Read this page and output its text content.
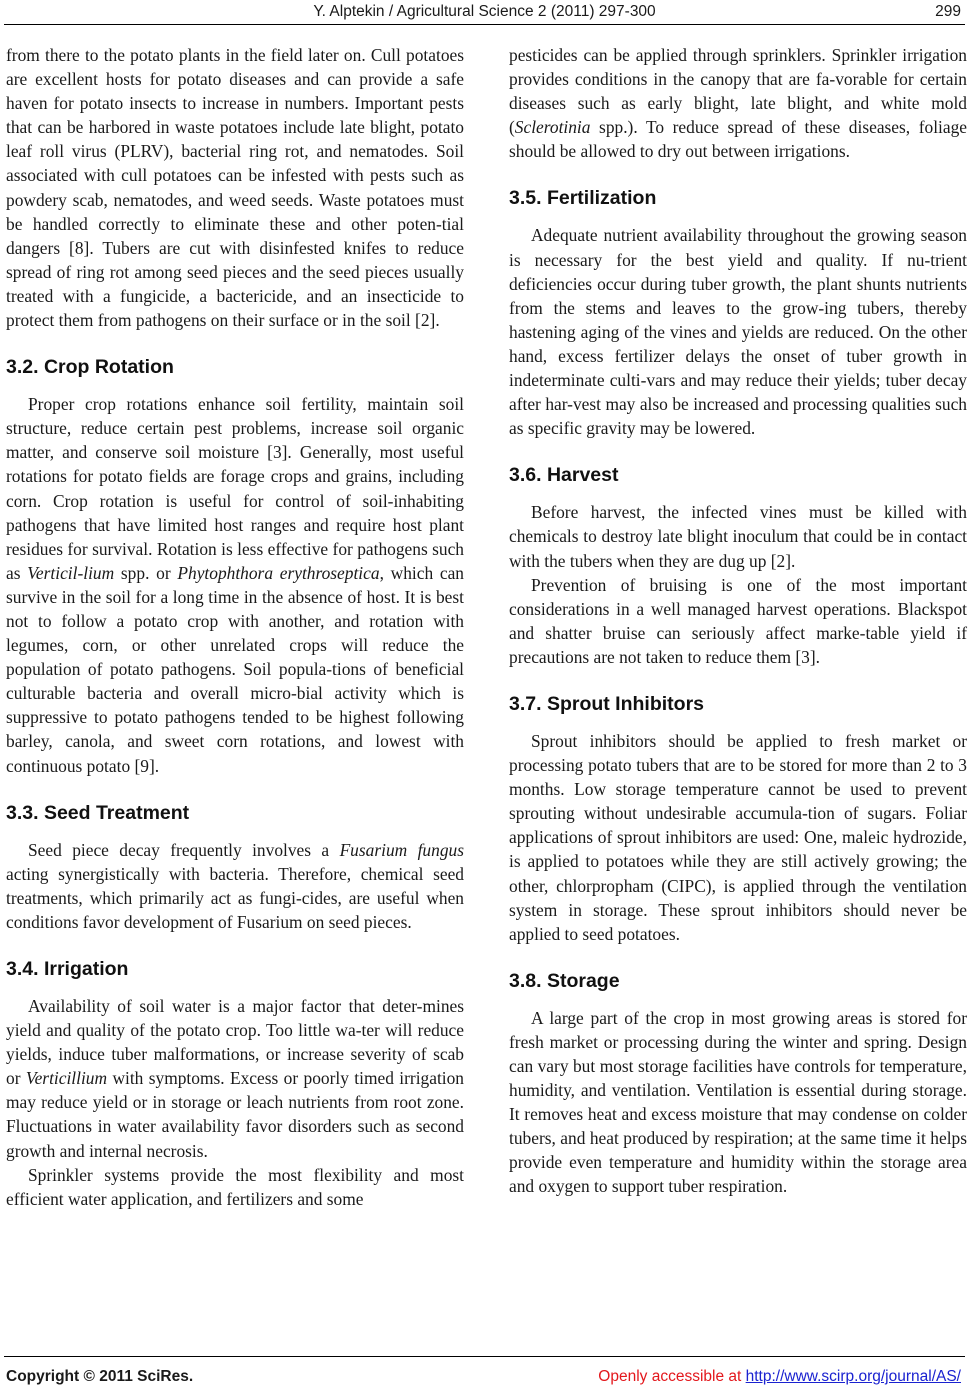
Y. Alptekin / Agricultural Science 2 (2011) 297-300	299

from there to the potato plants in the field later on. Cull potatoes are excellent hosts for potato diseases and can provide a safe haven for potato insects to increase in numbers. Important pests that can be harbored in waste potatoes include late blight, potato leaf roll virus (PLRV), bacterial ring rot, and nematodes. Soil associated with cull potatoes can be infested with pests such as powdery scab, nematodes, and weed seeds. Waste potatoes must be handled correctly to eliminate these and other poten-tial dangers [8]. Tubers are cut with disinfested knifes to reduce spread of ring rot among seed pieces and the seed pieces usually treated with a fungicide, a bactericide, and an insecticide to protect them from pathogens on their surface or in the soil [2].

3.2. Crop Rotation

Proper crop rotations enhance soil fertility, maintain soil structure, reduce certain pest problems, increase soil organic matter, and conserve soil moisture [3]. Generally, most useful rotations for potato fields are forage crops and grains, including corn. Crop rotation is useful for control of soil-inhabiting pathogens that have limited host ranges and require host plant residues for survival. Rotation is less effective for pathogens such as Verticil-lium spp. or Phytophthora erythroseptica, which can survive in the soil for a long time in the absence of host. It is best not to follow a potato crop with another, and rotation with legumes, corn, or other unrelated crops will reduce the population of potato pathogens. Soil popula-tions of beneficial culturable bacteria and overall micro-bial activity which is suppressive to potato pathogens tended to be highest following barley, canola, and sweet corn rotations, and lowest with continuous potato [9].

3.3. Seed Treatment

Seed piece decay frequently involves a Fusarium fungus acting synergistically with bacteria. Therefore, chemical seed treatments, which primarily act as fungi-cides, are useful when conditions favor development of Fusarium on seed pieces.

3.4. Irrigation

Availability of soil water is a major factor that deter-mines yield and quality of the potato crop. Too little wa-ter will reduce yields, induce tuber malformations, or increase severity of scab or Verticillium with symptoms. Excess or poorly timed irrigation may reduce yield or in storage or leach nutrients from root zone. Fluctuations in water availability favor disorders such as second growth and internal necrosis.

Sprinkler systems provide the most flexibility and most efficient water application, and fertilizers and some

pesticides can be applied through sprinklers. Sprinkler irrigation provides conditions in the canopy that are fa-vorable for certain diseases such as early blight, late blight, and white mold (Sclerotinia spp.). To reduce spread of these diseases, foliage should be allowed to dry out between irrigations.

3.5. Fertilization

Adequate nutrient availability throughout the growing season is necessary for the best yield and quality. If nu-trient deficiencies occur during tuber growth, the plant shunts nutrients from the stems and leaves to the grow-ing tubers, thereby hastening aging of the vines and yields are reduced. On the other hand, excess fertilizer delays the onset of tuber growth in indeterminate culti-vars and may reduce their yields; tuber decay after har-vest may also be increased and processing qualities such as specific gravity may be lowered.

3.6. Harvest

Before harvest, the infected vines must be killed with chemicals to destroy late blight inoculum that could be in contact with the tubers when they are dug up [2].

Prevention of bruising is one of the most important considerations in a well managed harvest operations. Blackspot and shatter bruise can seriously affect marke-table yield if precautions are not taken to reduce them [3].

3.7. Sprout Inhibitors

Sprout inhibitors should be applied to fresh market or processing potato tubers that are to be stored for more than 2 to 3 months. Low storage temperature cannot be used to prevent sprouting without undesirable accumula-tion of sugars. Foliar applications of sprout inhibitors are used: One, maleic hydrozide, is applied to potatoes while they are still actively growing; the other, chlorpropham (CIPC), is applied through the ventilation system in storage. These sprout inhibitors should never be applied to seed potatoes.

3.8. Storage

A large part of the crop in most growing areas is stored for fresh market or processing during the winter and spring. Design can vary but most storage facilities have controls for temperature, humidity, and ventilation. Ventilation is essential during storage. It removes heat and excess moisture that may condense on colder tubers, and heat produced by respiration; at the same time it helps provide even temperature and humidity within the storage area and oxygen to support tuber respiration.

Copyright © 2011 SciRes.	Openly accessible at http://www.scirp.org/journal/AS/
